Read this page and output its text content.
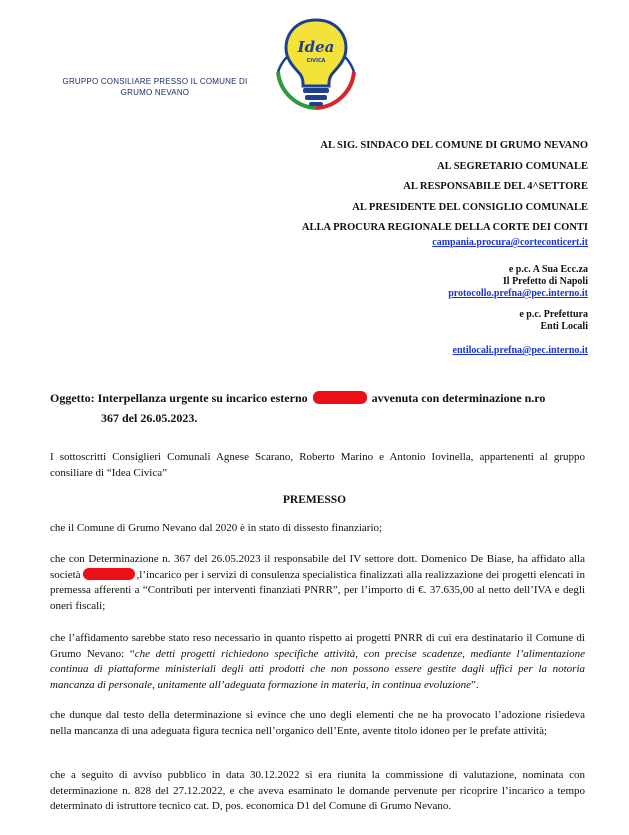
GRUPPO CONSILIARE PRESSO IL COMUNE DI
GRUMO NEVANO
Idea
CIVICA
AL SIG. SINDACO DEL COMUNE DI GRUMO NEVANO
AL SEGRETARIO COMUNALE
AL RESPONSABILE DEL 4^SETTORE
AL PRESIDENTE DEL CONSIGLIO COMUNALE
ALLA PROCURA REGIONALE DELLA CORTE DEI CONTI
campania.procura@corteconticert.it
e p.c. A Sua Ecc.za
Il Prefetto di Napoli
protocollo.prefna@pec.interno.it
e p.c. Prefettura
Enti Locali
entilocali.prefna@pec.interno.it
Oggetto: Interpellanza urgente su incarico esterno	avvenuta con determinazione n.ro
367 del 26.05.2023.
I sottoscritti Consiglieri Comunali Agnese Scarano, Roberto Marino e Antonio Iovinella, appartenenti al gruppo consiliare di “Idea Civica”
PREMESSO
che il Comune di Grumo Nevano dal 2020 è in stato di dissesto finanziario;
che con Determinazione n. 367 del 26.05.2023 il responsabile del IV settore dott. Domenico De Biase, ha affidato alla società	,l’incarico per i servizi di consulenza specialistica finalizzati alla realizzazione dei progetti elencati in premessa afferenti a “Contributi per interventi finanziati PNRR”, per l’importo di €. 37.635,00 al netto dell’IVA e degli oneri fiscali;
che l’affidamento sarebbe stato reso necessario in quanto rispetto ai progetti PNRR di cui era destinatario il Comune di Grumo Nevano: “che detti progetti richiedono specifiche attività, con precise scadenze, mediante l’alimentazione continua di piattaforme ministeriali degli atti prodotti che non possono essere gestite dagli uffici per la notoria mancanza di personale, unitamente all’adeguata formazione in materia, in continua evoluzione”.
che dunque dal testo della determinazione si evince che uno degli elementi che ne ha provocato l’adozione risiedeva nella mancanza di una adeguata figura tecnica nell’organico dell’Ente, avente titolo idoneo per le prefate attività;
che a seguito di avviso pubblico in data 30.12.2022 si era riunita la commissione di valutazione, nominata con determinazione n. 828 del 27.12.2022, e che aveva esaminato le domande pervenute per ricoprire l’incarico a tempo determinato di istruttore tecnico cat. D, pos. economica D1 del Comune di Grumo Nevano.
